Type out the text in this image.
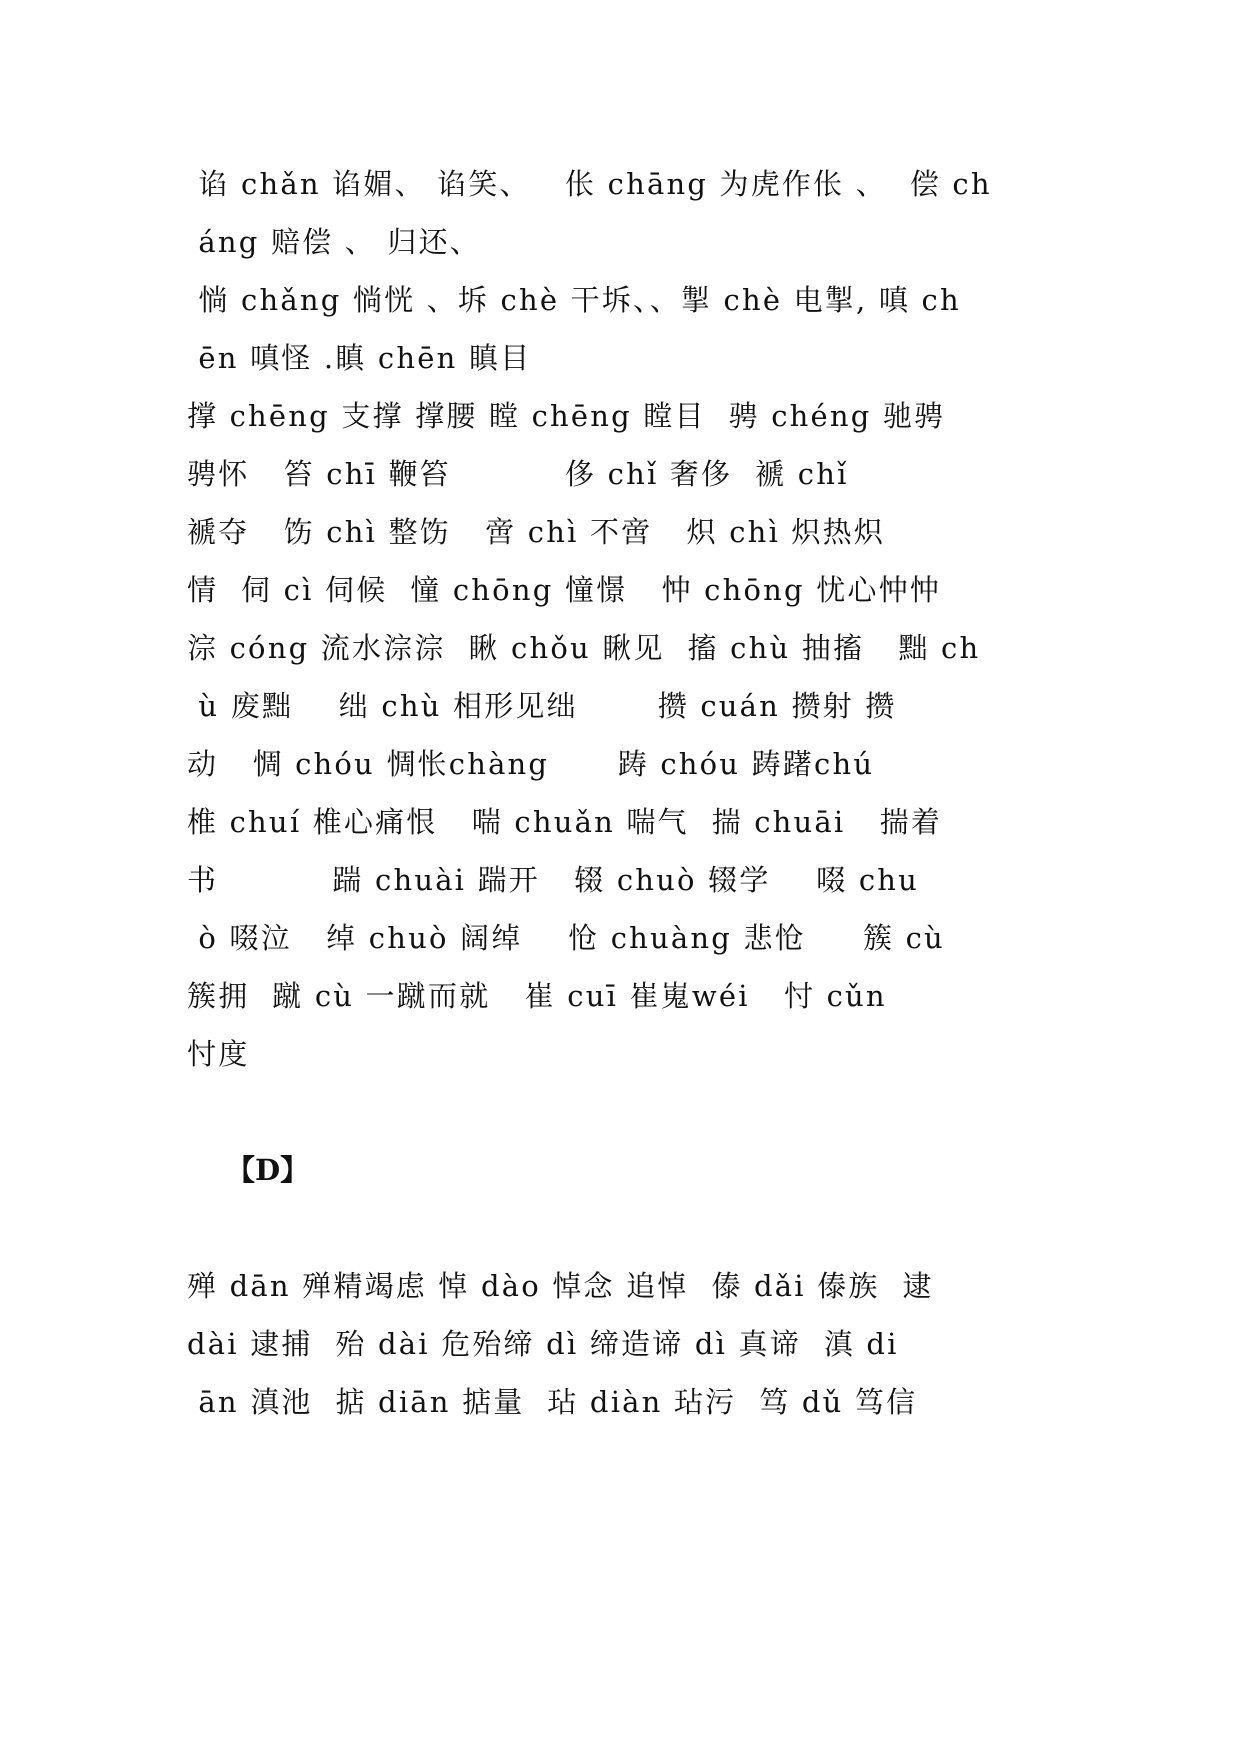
谄 chǎn 谄媚、 谄笑、   伥 chāng 为虎作伥 、  偿 ch
áng 赔偿 、 归还、
惝 chǎng 惝恍 、坼 chè 干坼、、掣 chè 电掣, 嗔 ch
ēn 嗔怪 .瞋 chēn 瞋目
撑 chēng 支撑 撑腰 瞠 chēng 瞠目  骋 chéng 驰骋
骋怀   笞 chī 鞭笞          侈 chǐ 奢侈  褫 chǐ
褫夺   饬 chì 整饬   啻 chì 不啻   炽 chì 炽热炽
情  伺 cì 伺候  憧 chōng 憧憬   忡 chōng 忧心忡忡
淙 cóng 流水淙淙  瞅 chǒu 瞅见  搐 chù 抽搐   黜 ch
ù 废黜    绌 chù 相形见绌       攒 cuán 攒射 攒
动   惆 chóu 惆怅chàng      踌 chóu 踌躇chú
椎 chuí 椎心痛恨   喘 chuǎn 喘气  揣 chuāi   揣着
书          踹 chuài 踹开   辍 chuò 辍学    啜 chu
ò 啜泣   绰 chuò 阔绰    怆 chuàng 悲怆     簇 cù
簇拥  蹴 cù 一蹴而就   崔 cuī 崔嵬wéi   忖 cǔn
忖度
【D】
殚 dān 殚精竭虑 悼 dào 悼念 追悼  傣 dǎi 傣族  逮
dài 逮捕  殆 dài 危殆缔 dì 缔造谛 dì 真谛  滇 di
ān 滇池  掂 diān 掂量  玷 diàn 玷污  笃 dǔ 笃信
